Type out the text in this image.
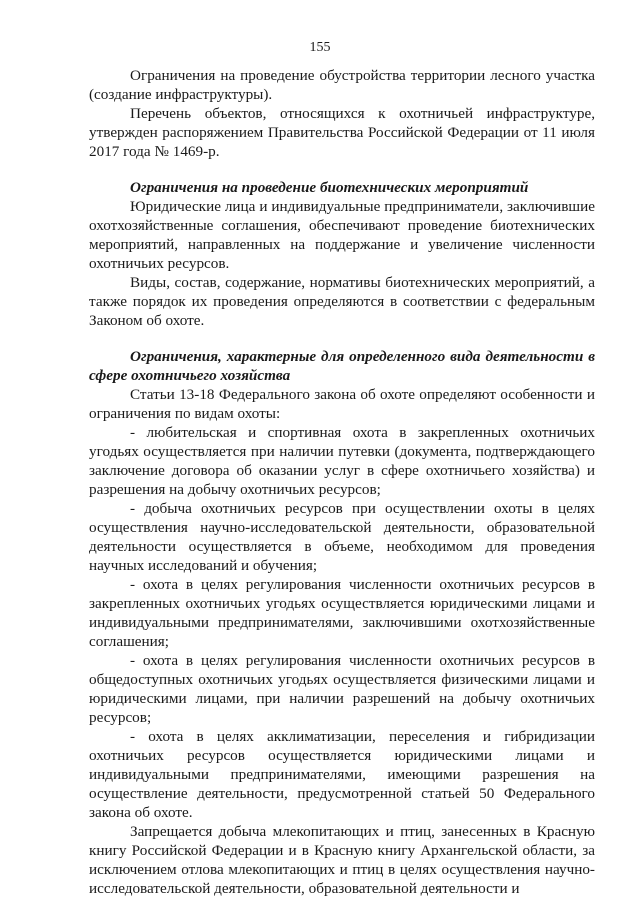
155

Ограничения на проведение обустройства территории лесного участка (создание инфраструктуры).

Перечень объектов, относящихся к охотничьей инфраструктуре, утвержден распоряжением Правительства Российской Федерации от 11 июля 2017 года № 1469-р.

Ограничения на проведение биотехнических мероприятий

Юридические лица и индивидуальные предприниматели, заключившие охотхозяйственные соглашения, обеспечивают проведение биотехнических мероприятий, направленных на поддержание и увеличение численности охотничьих ресурсов.

Виды, состав, содержание, нормативы биотехнических мероприятий, а также порядок их проведения определяются в соответствии с федеральным Законом об охоте.

Ограничения, характерные для определенного вида деятельности в сфере охотничьего хозяйства

Статьи 13-18 Федерального закона об охоте определяют особенности и ограничения по видам охоты:

- любительская и спортивная охота в закрепленных охотничьих угодьях осуществляется при наличии путевки (документа, подтверждающего заключение договора об оказании услуг в сфере охотничьего хозяйства) и разрешения на добычу охотничьих ресурсов;

- добыча охотничьих ресурсов при осуществлении охоты в целях осуществления научно-исследовательской деятельности, образовательной деятельности осуществляется в объеме, необходимом для проведения научных исследований и обучения;

- охота в целях регулирования численности охотничьих ресурсов в закрепленных охотничьих угодьях осуществляется юридическими лицами и индивидуальными предпринимателями, заключившими охотхозяйственные соглашения;

- охота в целях регулирования численности охотничьих ресурсов в общедоступных охотничьих угодьях осуществляется физическими лицами и юридическими лицами, при наличии разрешений на добычу охотничьих ресурсов;

- охота в целях акклиматизации, переселения и гибридизации охотничьих ресурсов осуществляется юридическими лицами и индивидуальными предпринимателями, имеющими разрешения на осуществление деятельности, предусмотренной статьей 50 Федерального закона об охоте.

Запрещается добыча млекопитающих и птиц, занесенных в Красную книгу Российской Федерации и в Красную книгу Архангельской области, за исключением отлова млекопитающих и птиц в целях осуществления научно-исследовательской деятельности, образовательной деятельности и
